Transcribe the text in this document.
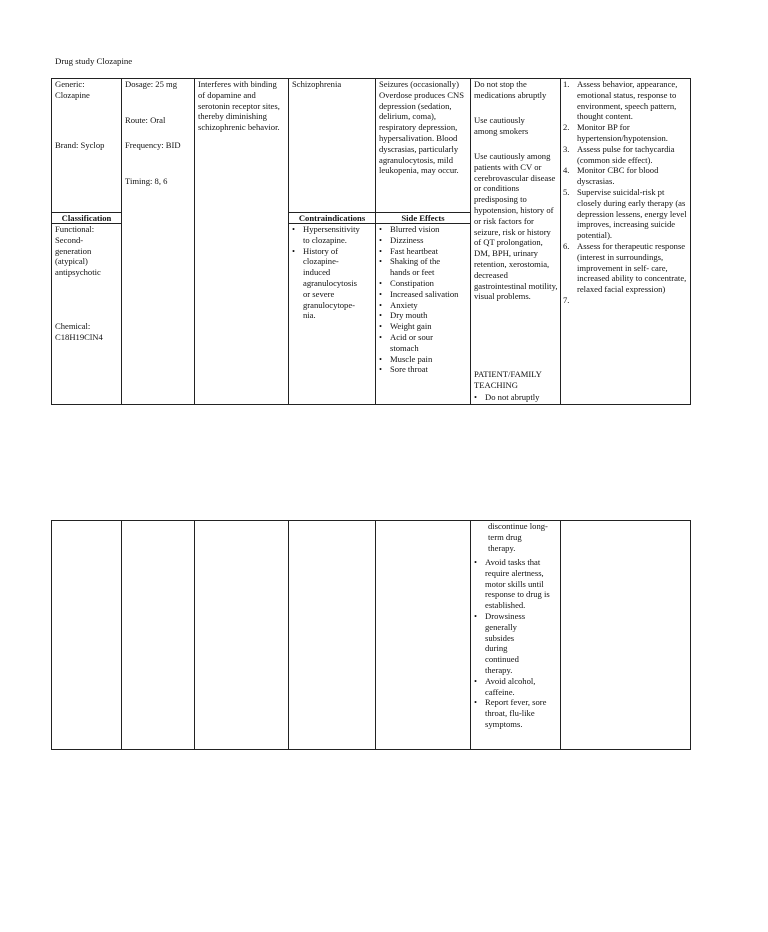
Drug study Clozapine
Generic: Clozapine
Brand: Syclop
Classification
Functional: Second-generation (atypical) antipsychotic
Chemical: C18H19ClN4
Dosage: 25 mg
Route: Oral
Frequency: BID
Timing: 8, 6
Interferes with binding of dopamine and serotonin receptor sites, thereby diminishing schizophrenic behavior.
Schizophrenia
Contraindications
• Hypersensitivity to clozapine.
• History of clozapine-induced agranulocytosis or severe granulocytope-nia.
Seizures (occasionally) Overdose produces CNS depression (sedation, delirium, coma), respiratory depression, hypersalivation. Blood dyscrasias, particularly agranulocytosis, mild leukopenia, may occur.
Side Effects
• Blurred vision
• Dizziness
• Fast heartbeat
• Shaking of the hands or feet
• Constipation
• Increased salivation
• Anxiety
• Dry mouth
• Weight gain
• Acid or sour stomach
• Muscle pain
• Sore throat
Do not stop the medications abruptly
Use cautiously among smokers
Use cautiously among patients with CV or cerebrovascular disease or conditions predisposing to hypotension, history of or risk factors for seizure, risk or history of QT prolongation, DM, BPH, urinary retention, xerostomia, decreased gastrointestinal motility, visual problems.
PATIENT/FAMILY TEACHING
• Do not abruptly
1. Assess behavior, appearance, emotional status, response to environment, speech pattern, thought content.
2. Monitor BP for hypertension/hypotension.
3. Assess pulse for tachycardia (common side effect).
4. Monitor CBC for blood dyscrasias.
5. Supervise suicidal-risk pt closely during early therapy (as depression lessens, energy level improves, increasing suicide potential).
6. Assess for therapeutic response (interest in surroundings, improvement in self- care, increased ability to concentrate, relaxed facial expression)
7.
discontinue long-term drug therapy.
• Avoid tasks that require alertness, motor skills until response to drug is established.
• Drowsiness generally subsides during continued therapy.
• Avoid alcohol, caffeine.
• Report fever, sore throat, flu-like symptoms.
